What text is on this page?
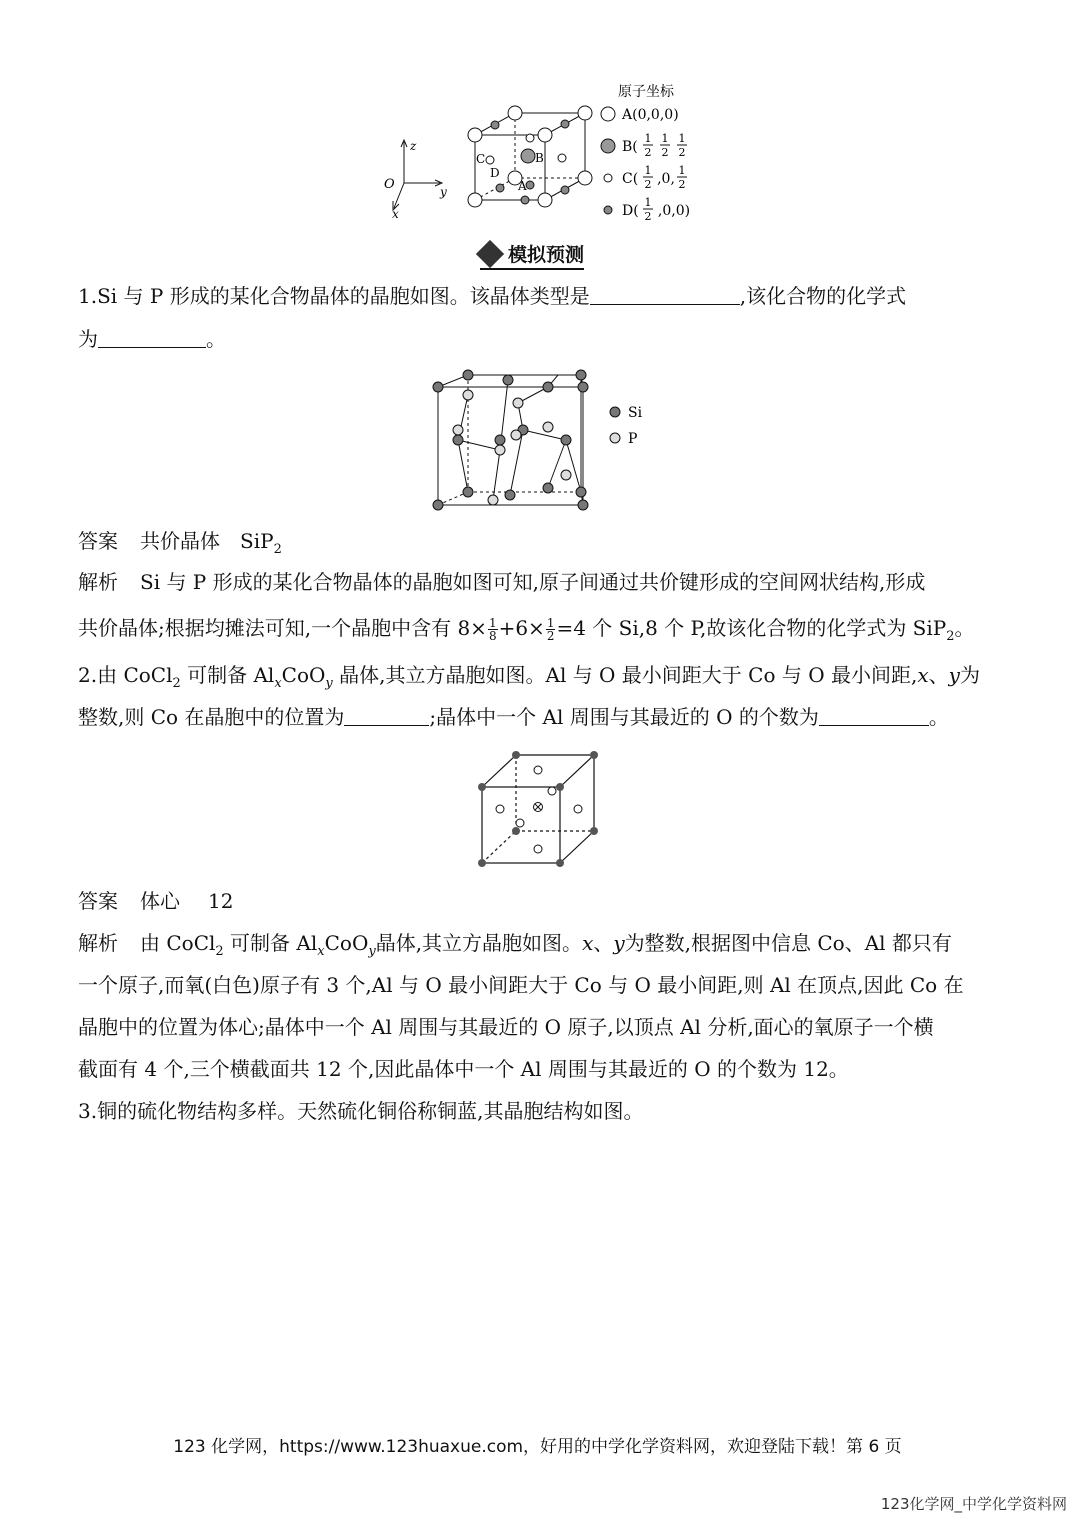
z
y
x
O
C	B
D
A
原子坐标
A(0,0,0)
B(
1
2
1
2
1
2
C(
1
2 ,0,
1
2
D(
1
2 ,0,0)
模拟预测
1.Si 与 P 形成的某化合物晶体的晶胞如图。该晶体类型是	,该化合物的化学式
为	。
Si
P
答案 共价晶体 SiP$_2$
解析 Si 与 P 形成的某化合物晶体的晶胞如图可知,原子间通过共价键形成的空间网状结构,形成
共价晶体;根据均摊法可知,一个晶胞中含有 $8\times \frac{1}{8} +6\times \frac{1}{2} =4$ 个 Si,8 个 P,故该化合物的化学式为 SiP$_2$。
2.由 CoCl$_2$ 可制备 $Al_xCoO_y$ 晶体,其立方晶胞如图。Al 与 O 最小间距大于 Co 与 O 最小间距,x、y为
整数,则 Co 在晶胞中的位置为	;晶体中一个 Al 周围与其最近的 O 的个数为	。
答案 体心 12
解析 由 CoCl$_2$ 可制备 $Al_xCoO_y$晶体,其立方晶胞如图。x、y为整数,根据图中信息 Co、Al 都只有
一个原子,而氧(白色)原子有 3 个,Al 与 O 最小间距大于 Co 与 O 最小间距,则 Al 在顶点,因此 Co 在
晶胞中的位置为体心;晶体中一个 Al 周围与其最近的 O 原子,以顶点 Al 分析,面心的氧原子一个横
截面有 4 个,三个横截面共 12 个,因此晶体中一个 Al 周围与其最近的 O 的个数为 12。
3.铜的硫化物结构多样。天然硫化铜俗称铜蓝,其晶胞结构如图。
123 化学网，https://www.123huaxue.com，好用的中学化学资料网，欢迎登陆下载！第 6 页
123化学网_中学化学资料网
